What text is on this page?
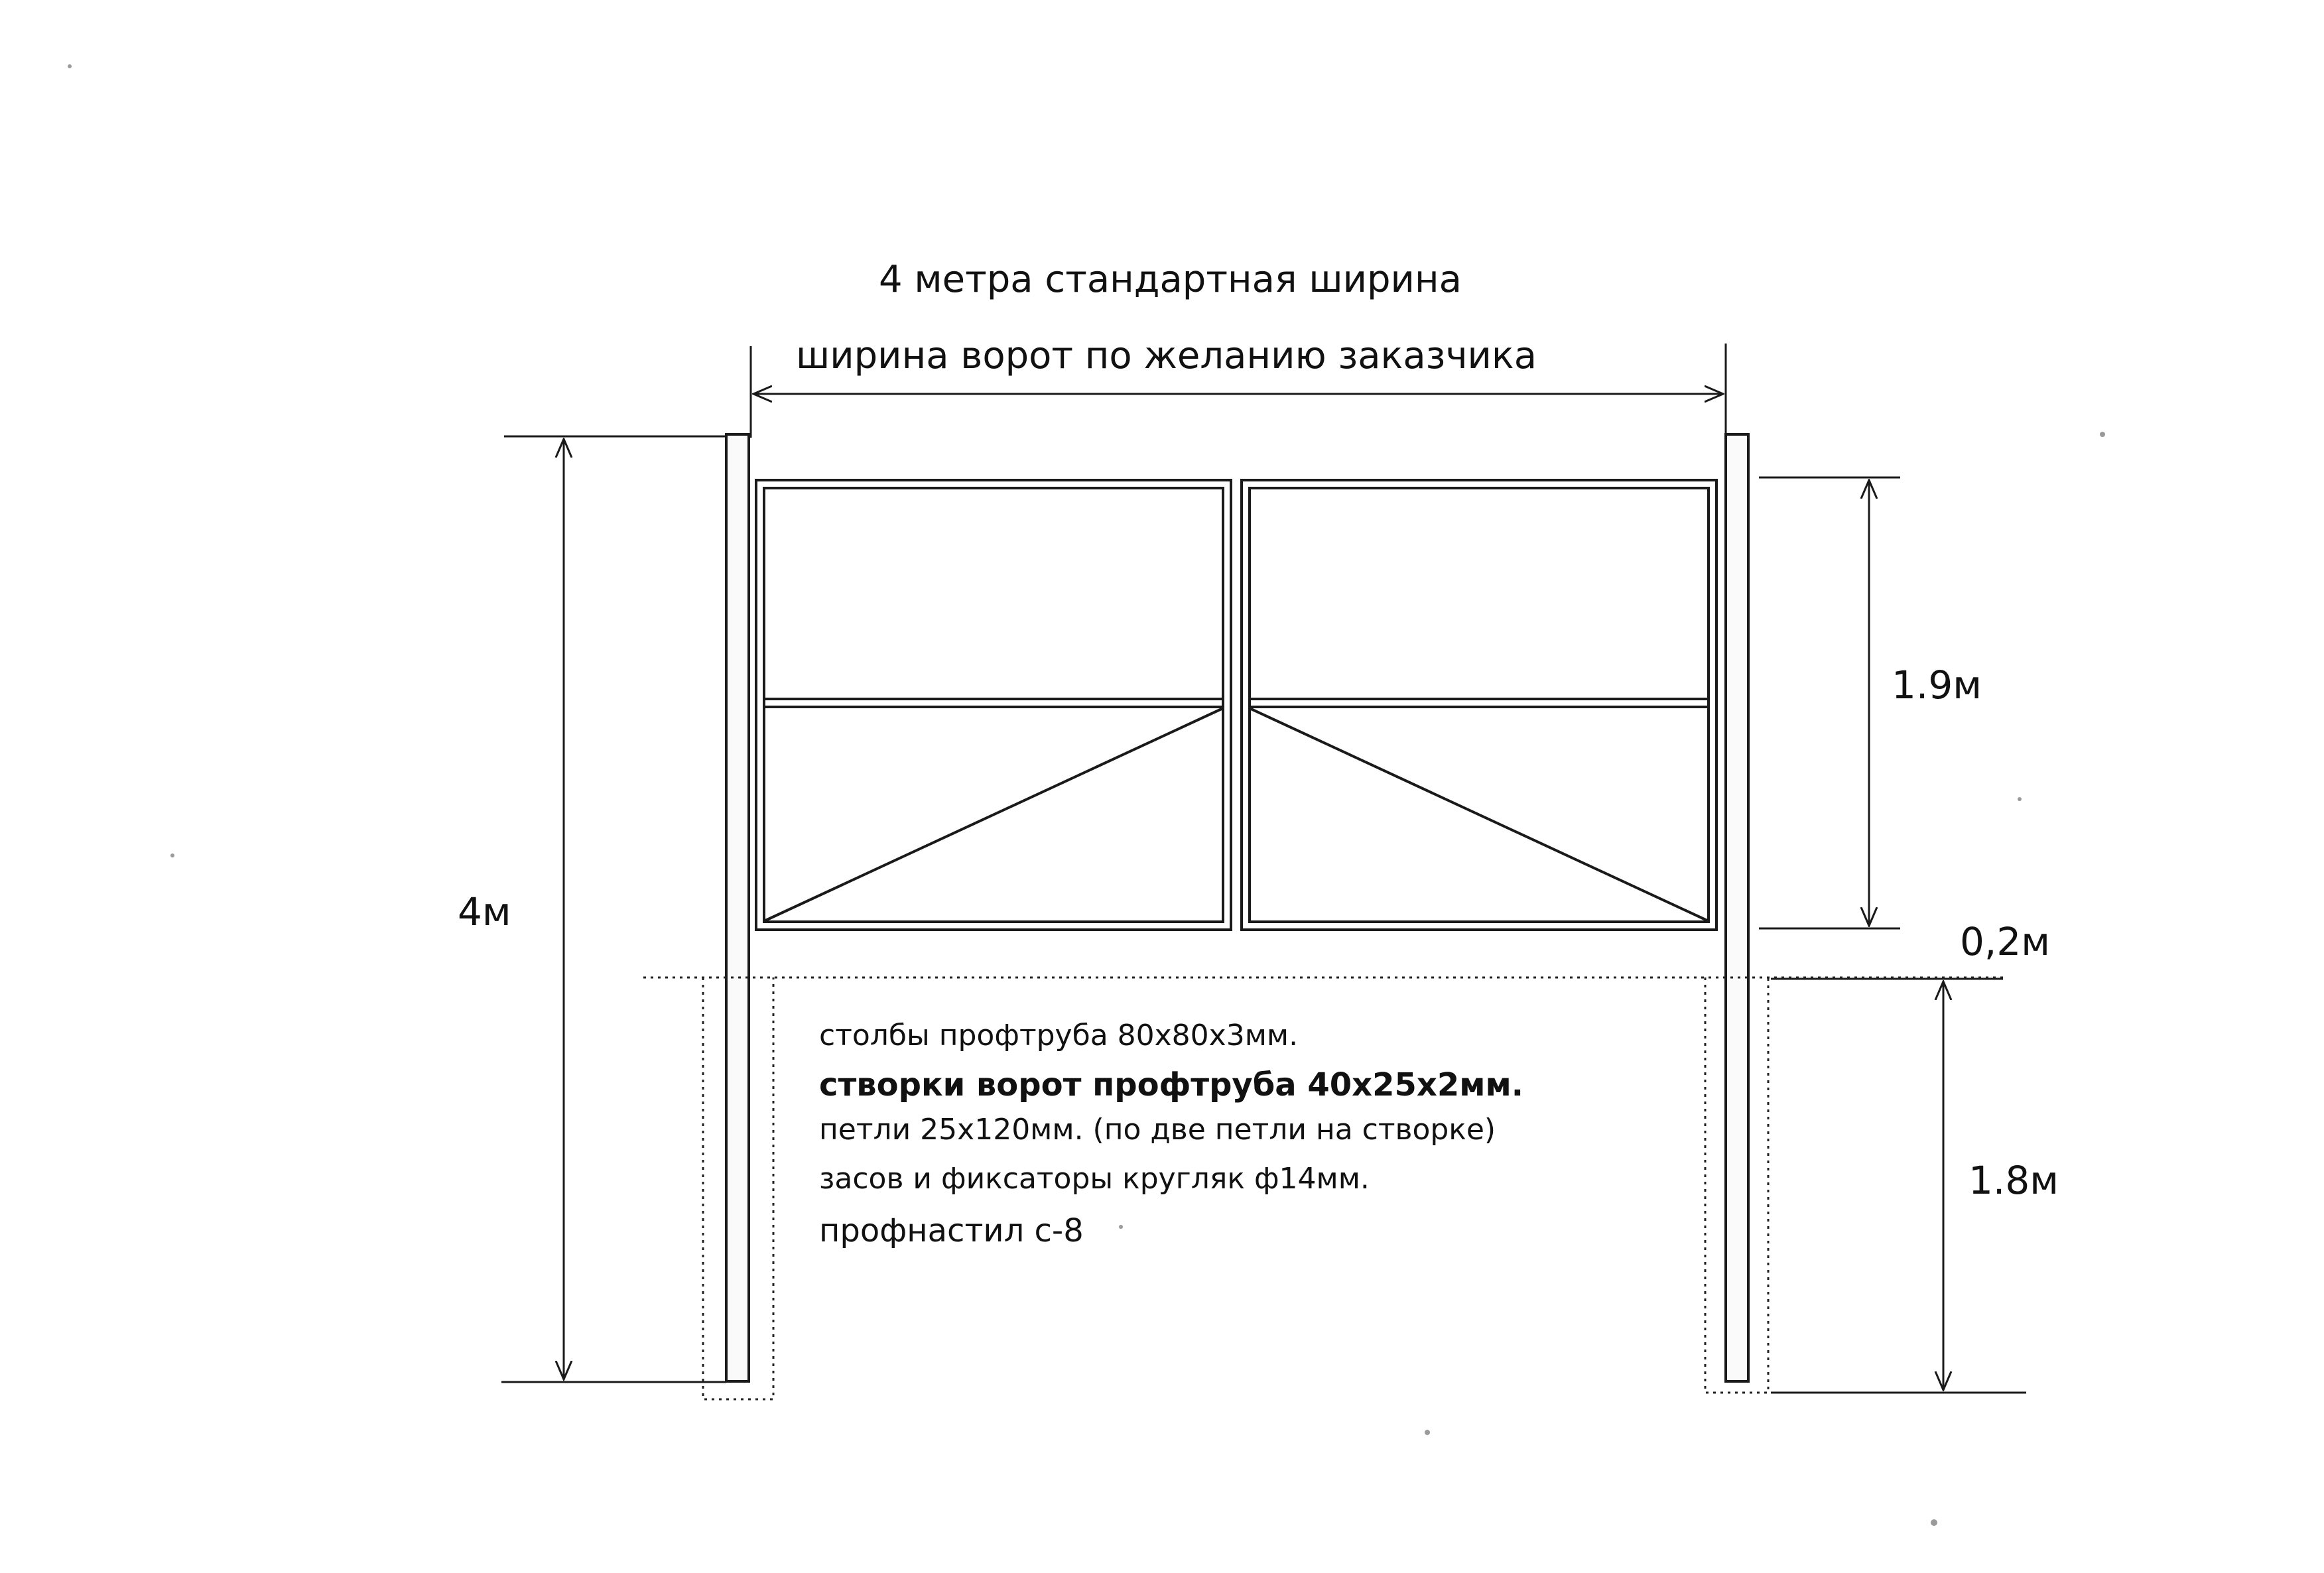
4 метра стандартная ширина
ширина ворот по желанию заказчика
4м
1.9м
0,2м
1.8м
столбы профтруба 80х80х3мм.
створки ворот профтруба 40х25х2мм.
петли 25х120мм. (по две петли на створке)
засов и фиксаторы кругляк ф14мм.
профнастил с-8
